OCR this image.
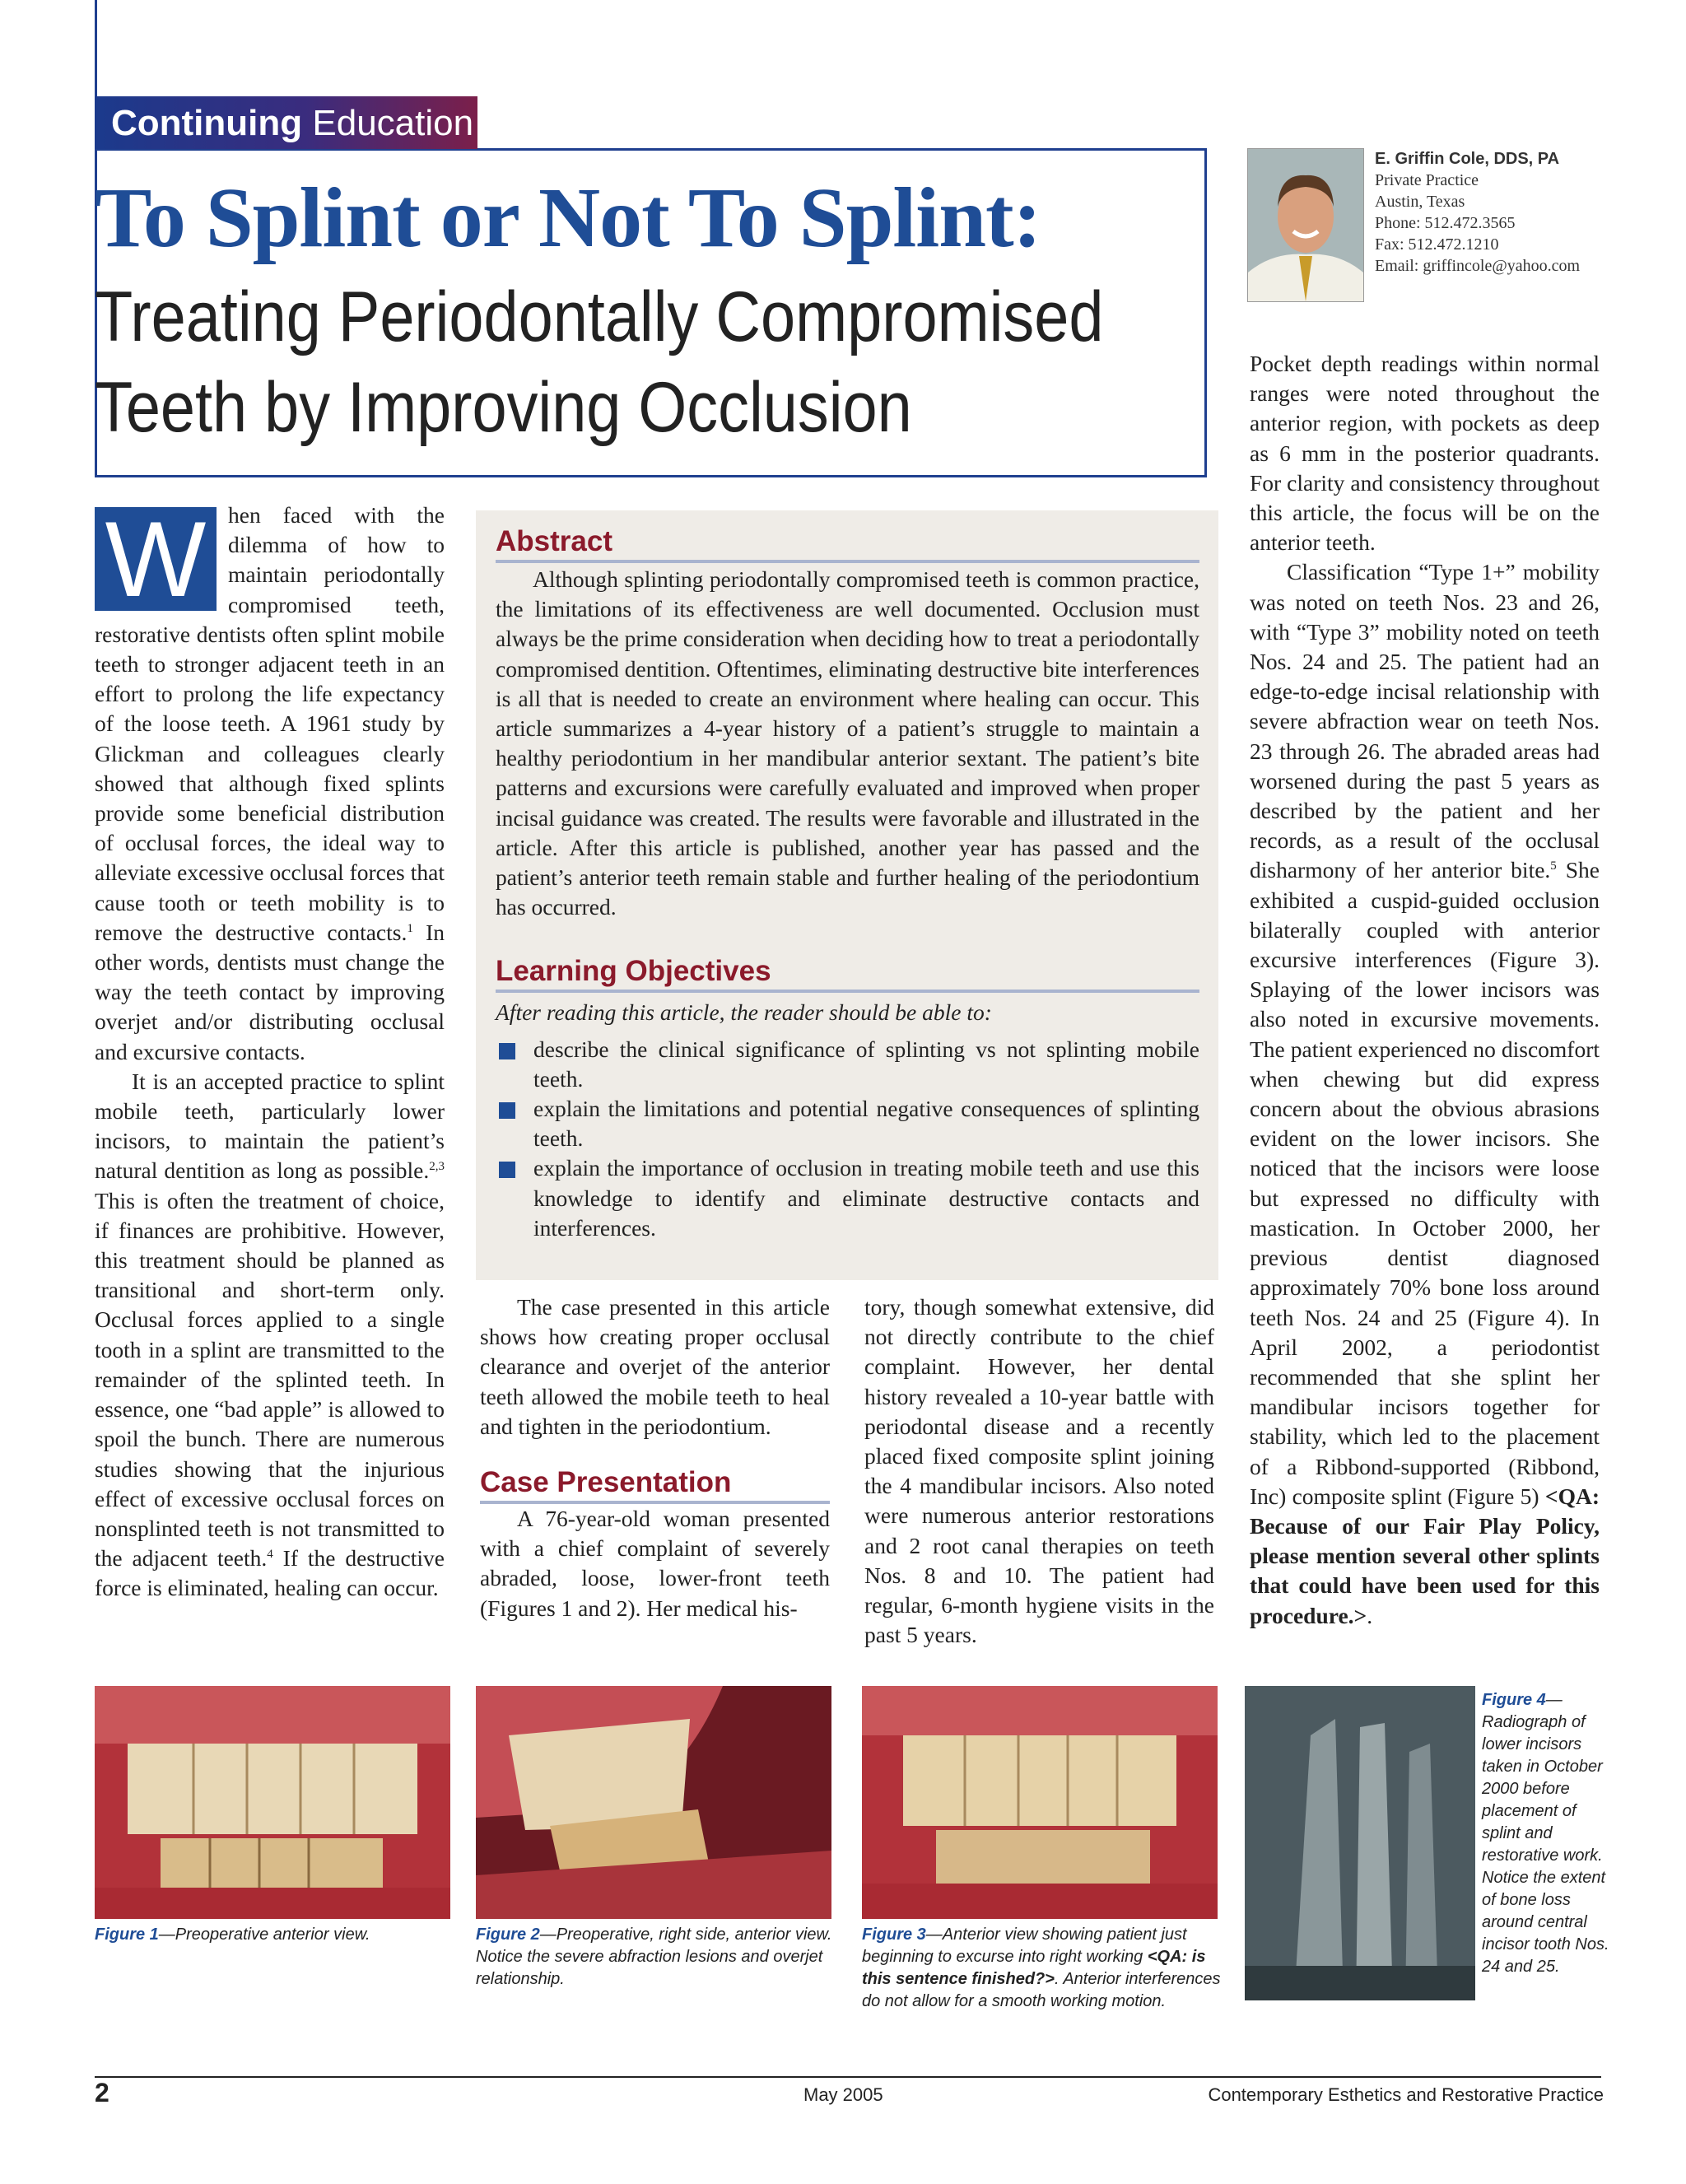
Continuing Education
To Splint or Not To Splint:
Treating Periodontally Compromised
Teeth by Improving Occlusion
E. Griffin Cole, DDS, PA
Private Practice
Austin, Texas
Phone: 512.472.3565
Fax: 512.472.1210
Email: griffincole@yahoo.com

W hen faced with the dilemma of how to maintain periodontally compromised teeth, restorative dentists often splint mobile teeth to stronger adjacent teeth in an effort to prolong the life expectancy of the loose teeth. A 1961 study by Glickman and colleagues clearly showed that although fixed splints provide some beneficial distribution of occlusal forces, the ideal way to alleviate excessive occlusal forces that cause tooth or teeth mobility is to remove the destructive contacts.$^1$ In other words, dentists must change the way the teeth contact by improving overjet and/or distributing occlusal and excursive contacts.

It is an accepted practice to splint mobile teeth, particularly lower incisors, to maintain the patient’s natural dentition as long as possible.$^{2,3}$ This is often the treatment of choice, if finances are prohibitive. However, this treatment should be planned as transitional and short-term only. Occlusal forces applied to a single tooth in a splint are transmitted to the remainder of the splinted teeth. In essence, one “bad apple” is allowed to spoil the bunch. There are numerous studies showing that the injurious effect of excessive occlusal forces on nonsplinted teeth is not transmitted to the adjacent teeth.$^4$ If the destructive force is eliminated, healing can occur.

Abstract

Although splinting periodontally compromised teeth is common practice, the limitations of its effectiveness are well documented. Occlusion must always be the prime consideration when deciding how to treat a periodontally compromised dentition. Oftentimes, eliminating destructive bite interferences is all that is needed to create an environment where healing can occur. This article summarizes a 4-year history of a patient’s struggle to maintain a healthy periodontium in her mandibular anterior sextant. The patient’s bite patterns and excursions were carefully evaluated and improved when proper incisal guidance was created. The results were favorable and illustrated in the article. After this article is published, another year has passed and the patient’s anterior teeth remain stable and further healing of the periodontium has occurred.

Learning Objectives

After reading this article, the reader should be able to:

describe the clinical significance of splinting vs not splinting mobile teeth.

explain the limitations and potential negative consequences of splinting teeth.

explain the importance of occlusion in treating mobile teeth and use this knowledge to identify and eliminate destructive contacts and interferences.

The case presented in this article shows how creating proper occlusal clearance and overjet of the anterior teeth allowed the mobile teeth to heal and tighten in the periodontium.

Case Presentation

A 76-year-old woman presented with a chief complaint of severely abraded, loose, lower-front teeth (Figures 1 and 2). Her medical his-

tory, though somewhat extensive, did not directly contribute to the chief complaint. However, her dental history revealed a 10-year battle with periodontal disease and a recently placed fixed composite splint joining the 4 mandibular incisors. Also noted were numerous anterior restorations and 2 root canal therapies on teeth Nos. 8 and 10. The patient had regular, 6-month hygiene visits in the past 5 years.

Pocket depth readings within normal ranges were noted throughout the anterior region, with pockets as deep as 6 mm in the posterior quadrants. For clarity and consistency throughout this article, the focus will be on the anterior teeth.

Classification “Type 1+” mobility was noted on teeth Nos. 23 and 26, with “Type 3” mobility noted on teeth Nos. 24 and 25. The patient had an edge-to-edge incisal relationship with severe abfraction wear on teeth Nos. 23 through 26. The abraded areas had worsened during the past 5 years as described by the patient and her records, as a result of the occlusal disharmony of her anterior bite.$^5$ She exhibited a cuspid-guided occlusion bilaterally coupled with anterior excursive interferences (Figure 3). Splaying of the lower incisors was also noted in excursive movements. The patient experienced no discomfort when chewing but did express concern about the obvious abrasions evident on the lower incisors. She noticed that the incisors were loose but expressed no difficulty with mastication. In October 2000, her previous dentist diagnosed approximately 70% bone loss around teeth Nos. 24 and 25 (Figure 4). In April 2002, a periodontist recommended that she splint her mandibular incisors together for stability, which led to the placement of a Ribbond-supported (Ribbond, Inc) composite splint (Figure 5) <QA: Because of our Fair Play Policy, please mention several other splints that could have been used for this procedure.>.

Figure 1—Preoperative anterior view.	Figure 2—Preoperative, right side, anterior view. Notice the severe abfraction lesions and overjet relationship.
Figure 3—Anterior view showing patient just beginning to excurse into right working <QA: is this sentence finished?>. Anterior interferences do not allow for a smooth working motion.
Figure 4— Radiograph of lower incisors taken in October 2000 before placement of splint and restorative work. Notice the extent of bone loss around central incisor tooth Nos. 24 and 25.
2	May 2005	Contemporary Esthetics and Restorative Practice
